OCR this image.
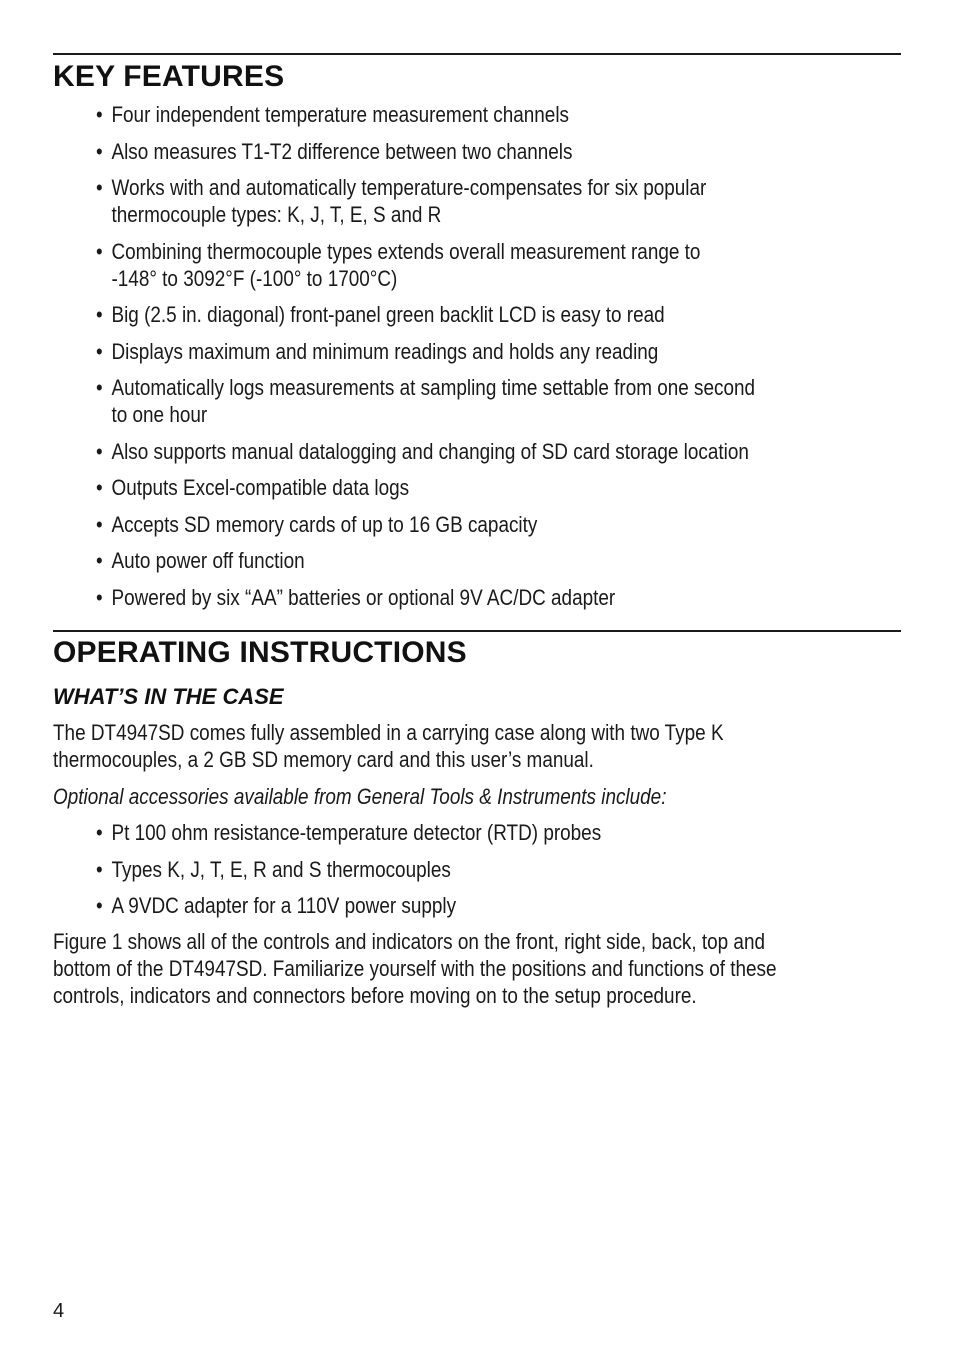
KEY FEATURES
• Four independent temperature measurement channels
• Also measures T1-T2 difference between two channels
• Works with and automatically temperature-compensates for six popular
thermocouple types: K, J, T, E, S and R
• Combining thermocouple types extends overall measurement range to
-148° to 3092°F (-100° to 1700°C)
• Big (2.5 in. diagonal) front-panel green backlit LCD is easy to read
• Displays maximum and minimum readings and holds any reading
• Automatically logs measurements at sampling time settable from one second
to one hour
• Also supports manual datalogging and changing of SD card storage location
• Outputs Excel-compatible data logs
• Accepts SD memory cards of up to 16 GB capacity
• Auto power off function
• Powered by six “AA” batteries or optional 9V AC/DC adapter
OPERATING INSTRUCTIONS
WHAT’S IN THE CASE

The DT4947SD comes fully assembled in a carrying case along with two Type K
thermocouples, a 2 GB SD memory card and this user’s manual.

Optional accessories available from General Tools & Instruments include:

• Pt 100 ohm resistance-temperature detector (RTD) probes
• Types K, J, T, E, R and S thermocouples
• A 9VDC adapter for a 110V power supply

Figure 1 shows all of the controls and indicators on the front, right side, back, top and
bottom of the DT4947SD. Familiarize yourself with the positions and functions of these
controls, indicators and connectors before moving on to the setup procedure.

4
